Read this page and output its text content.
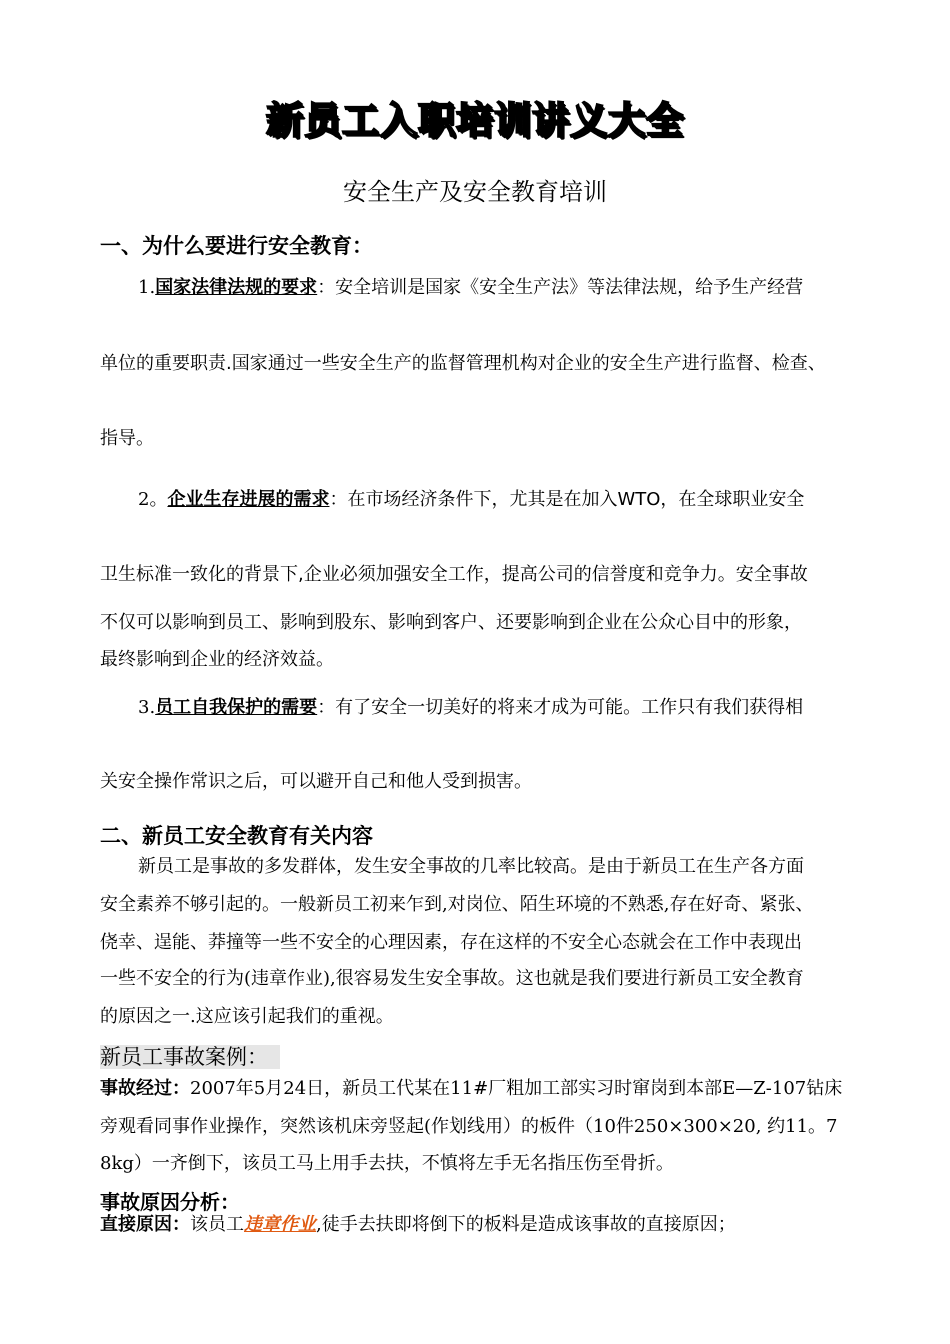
新员工入职培训讲义大全
安全生产及安全教育培训
一、为什么要进行安全教育：
1.国家法律法规的要求：安全培训是国家《安全生产法》等法律法规，给予生产经营
单位的重要职责.国家通过一些安全生产的监督管理机构对企业的安全生产进行监督、检查、
指导。
2。企业生存进展的需求：在市场经济条件下，尤其是在加入WTO，在全球职业安全
卫生标准一致化的背景下,企业必须加强安全工作，提高公司的信誉度和竞争力。安全事故
不仅可以影响到员工、影响到股东、影响到客户、还要影响到企业在公众心目中的形象，
最终影响到企业的经济效益。
3.员工自我保护的需要：有了安全一切美好的将来才成为可能。工作只有我们获得相
关安全操作常识之后，可以避开自己和他人受到损害。
二、新员工安全教育有关内容
新员工是事故的多发群体，发生安全事故的几率比较高。是由于新员工在生产各方面
安全素养不够引起的。一般新员工初来乍到,对岗位、陌生环境的不熟悉,存在好奇、紧张、
侥幸、逞能、莽撞等一些不安全的心理因素，存在这样的不安全心态就会在工作中表现出
一些不安全的行为(违章作业),很容易发生安全事故。这也就是我们要进行新员工安全教育
的原因之一.这应该引起我们的重视。
新员工事故案例：
事故经过：2007年5月24日，新员工代某在11#厂粗加工部实习时窜岗到本部E—Z-107钻床
旁观看同事作业操作，突然该机床旁竖起(作划线用）的板件（10件250×300×20, 约11。7
8kg）一齐倒下，该员工马上用手去扶，不慎将左手无名指压伤至骨折。
事故原因分析：
直接原因：该员工违章作业,徒手去扶即将倒下的板料是造成该事故的直接原因；
